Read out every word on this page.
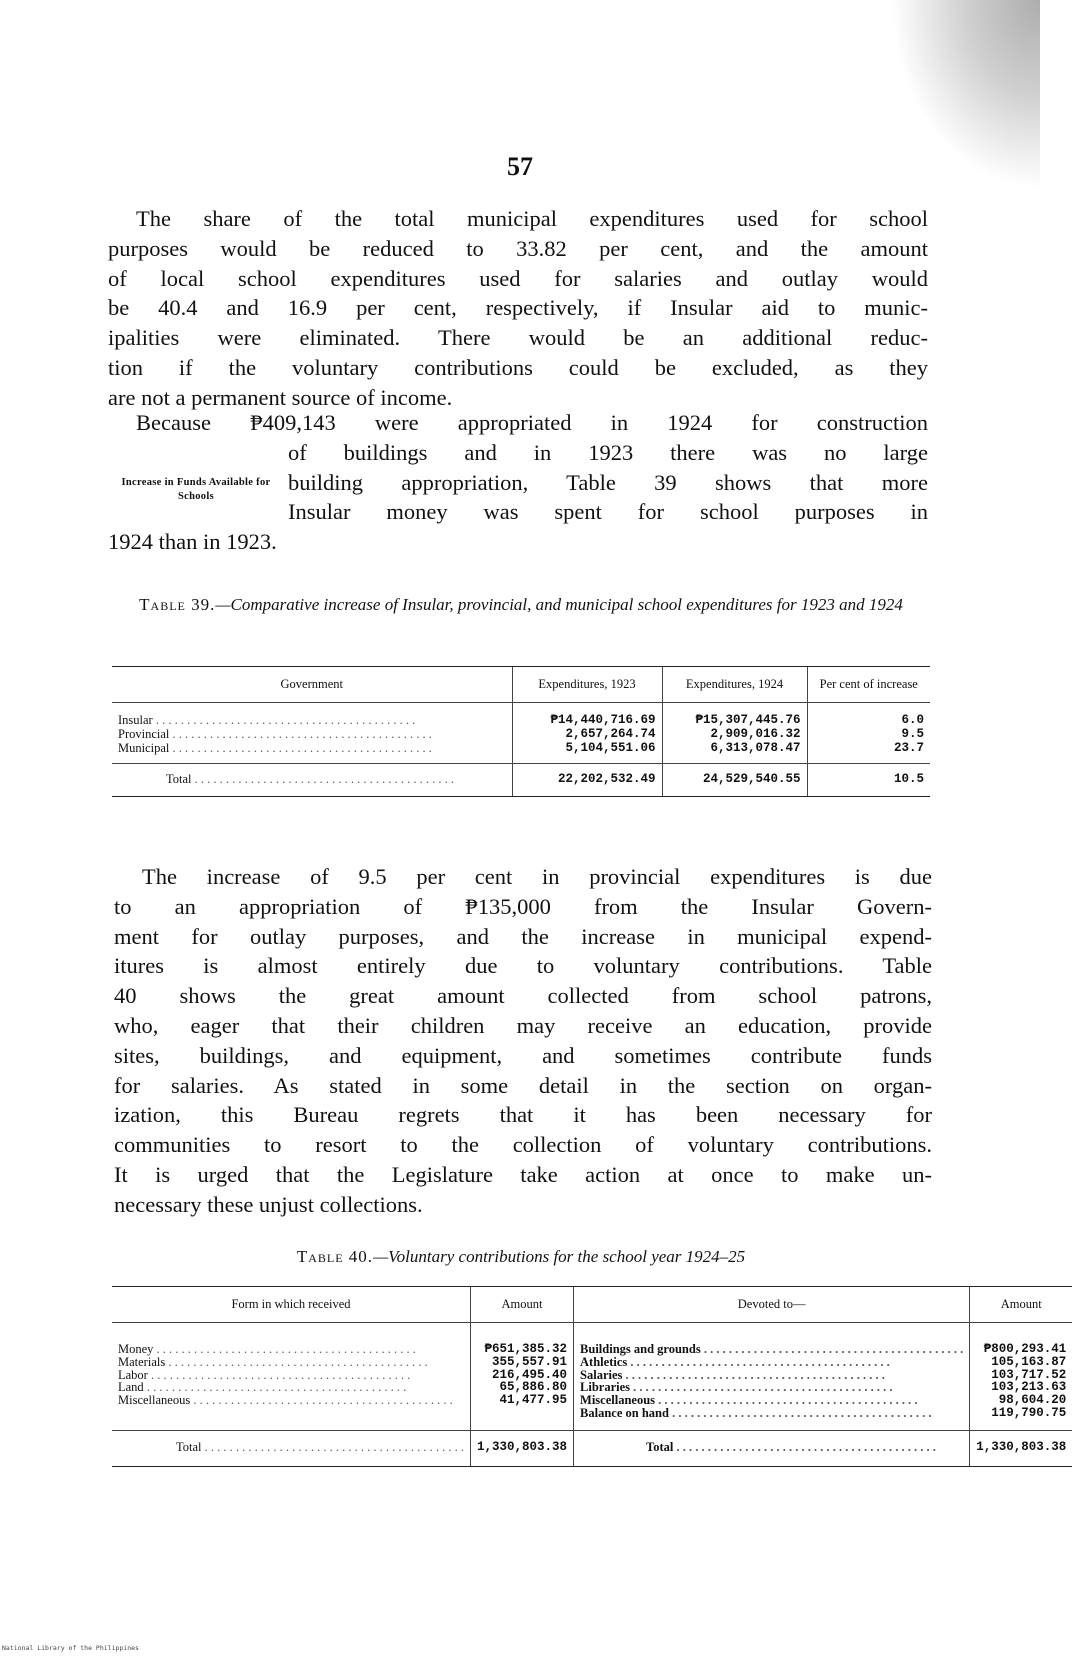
57

The share of the total municipal expenditures used for school
purposes would be reduced to 33.82 per cent, and the amount
of local school expenditures used for salaries and outlay would
be 40.4 and 16.9 per cent, respectively, if Insular aid to munic-
ipalities were eliminated. There would be an additional reduc-
tion if the voluntary contributions could be excluded, as they
are not a permanent source of income.

Because ₱409,143 were appropriated in 1924 for construction
of buildings and in 1923 there was no large
building appropriation, Table 39 shows that more
Insular money was spent for school purposes in
1924 than in 1923.

Increase in Funds Available for Schools
Table 39.—Comparative increase of Insular, provincial, and municipal school expenditures for 1923 and 1924
Government	Expenditures, 1923	Expenditures, 1924	Per cent of increase
Insular . . .	₱14,440,716.69	₱15,307,445.76	6.0
Provincial . . .	2,657,264.74	2,909,016.32	9.5
Municipal . . .	5,104,551.06	6,313,078.47	23.7
Total . . .	22,202,532.49	24,529,540.55	10.5

The increase of 9.5 per cent in provincial expenditures is due
to an appropriation of ₱135,000 from the Insular Govern-
ment for outlay purposes, and the increase in municipal expend-
itures is almost entirely due to voluntary contributions. Table
40 shows the great amount collected from school patrons,
who, eager that their children may receive an education, provide
sites, buildings, and equipment, and sometimes contribute funds
for salaries. As stated in some detail in the section on organ-
ization, this Bureau regrets that it has been necessary for
communities to resort to the collection of voluntary contributions.
It is urged that the Legislature take action at once to make un-
necessary these unjust collections.

Table 40.—Voluntary contributions for the school year 1924–25
Form in which received	Amount	Devoted to—	Amount
Money . . .	₱651,385.32	Buildings and grounds . . .	₱800,293.41
Materials . . .	355,557.91	Athletics . . .	105,163.87
Labor . . .	216,495.40	Salaries . . .	103,717.52
Land . . .	65,886.80	Libraries . . .	103,213.63
Miscellaneous . . .	41,477.95	Miscellaneous . . .	98,604.20
		Balance on hand . . .	119,790.75
Total . . .	1,330,803.38	Total . . .	1,330,803.38
National Library of the Philippines
